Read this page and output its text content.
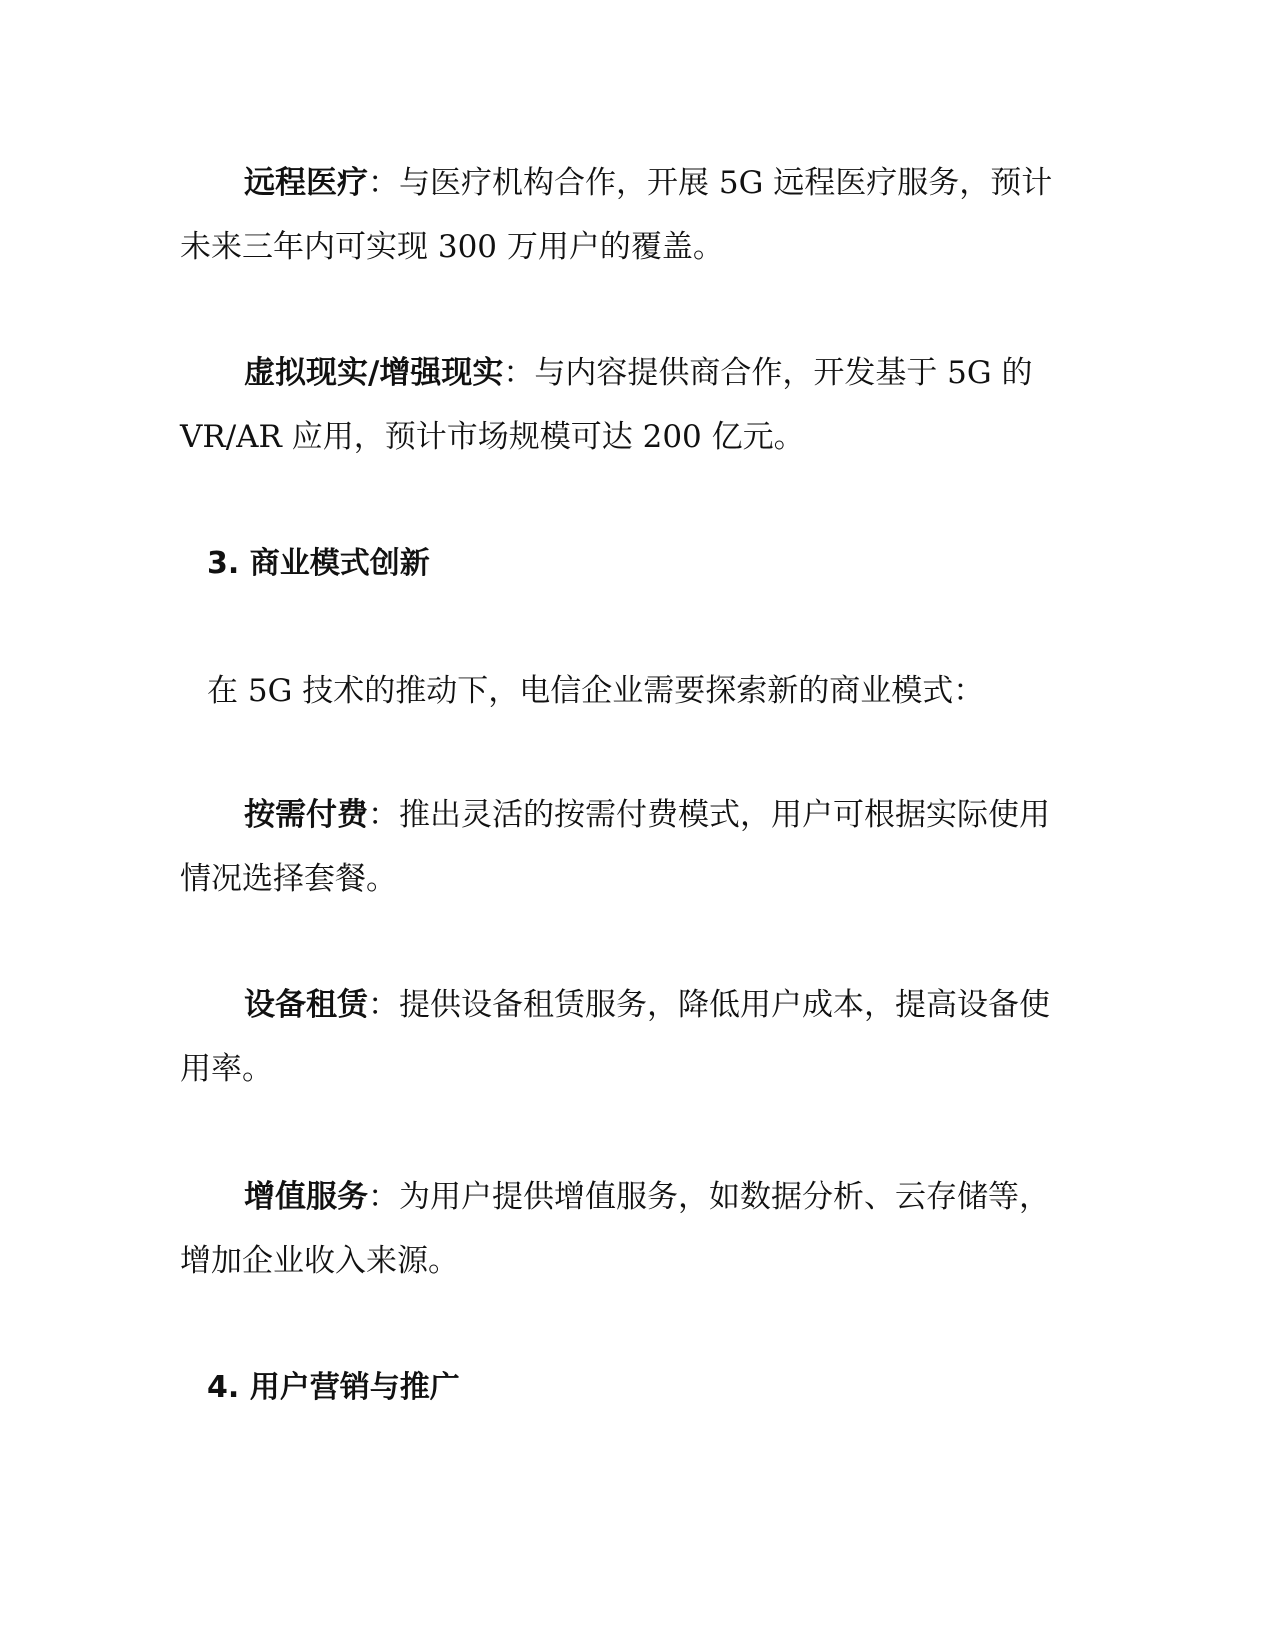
远程医疗：与医疗机构合作，开展 5G 远程医疗服务，预计未来三年内可实现 300 万用户的覆盖。

虚拟现实/增强现实：与内容提供商合作，开发基于 5G 的 VR/AR 应用，预计市场规模可达 200 亿元。

3. 商业模式创新

在 5G 技术的推动下，电信企业需要探索新的商业模式：

按需付费：推出灵活的按需付费模式，用户可根据实际使用情况选择套餐。

设备租赁：提供设备租赁服务，降低用户成本，提高设备使用率。

增值服务：为用户提供增值服务，如数据分析、云存储等，增加企业收入来源。

4. 用户营销与推广
